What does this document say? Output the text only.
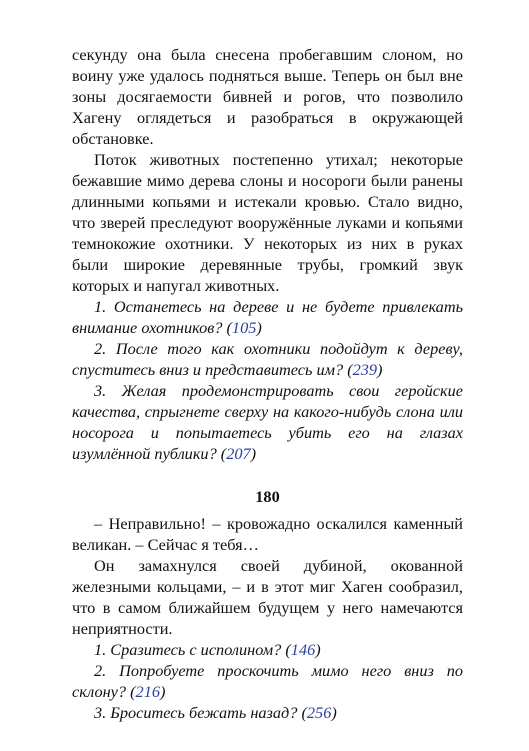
секунду она была снесена пробегавшим слоном, но воину уже удалось подняться выше. Теперь он был вне зоны досягаемости бивней и рогов, что позволило Хагену оглядеться и разобраться в окружающей обстановке.

Поток животных постепенно утихал; некоторые бежавшие мимо дерева слоны и носороги были ранены длинными копьями и истекали кровью. Стало видно, что зверей преследуют вооружённые луками и копьями темнокожие охотники. У некоторых из них в руках были широкие деревянные трубы, громкий звук которых и напугал животных.

1. Останетесь на дереве и не будете привлекать внимание охотников? (105)

2. После того как охотники подойдут к дереву, спуститесь вниз и представитесь им? (239)

3. Желая продемонстрировать свои геройские качества, спрыгнете сверху на какого-нибудь слона или носорога и попытаетесь убить его на глазах изумлённой публики? (207)

180

– Неправильно! – кровожадно оскалился каменный великан. – Сейчас я тебя…

Он замахнулся своей дубиной, окованной железными кольцами, – и в этот миг Хаген сообразил, что в самом ближайшем будущем у него намечаются неприятности.

1. Сразитесь с исполином? (146)

2. Попробуете проскочить мимо него вниз по склону? (216)

3. Броситесь бежать назад? (256)
